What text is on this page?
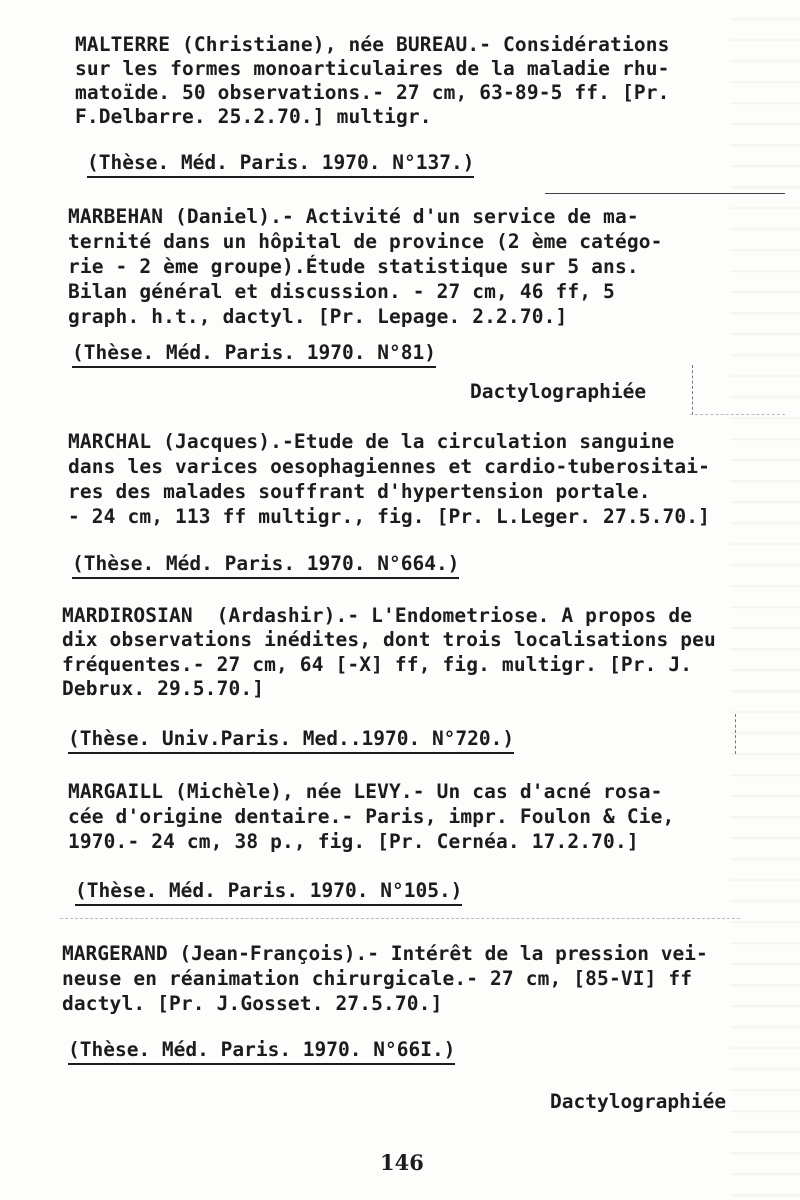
MALTERRE (Christiane), née BUREAU.- Considérations
sur les formes monoarticulaires de la maladie rhu-
matoïde. 50 observations.- 27 cm, 63-89-5 ff. [Pr.
F.Delbarre. 25.2.70.] multigr.
(Thèse. Méd. Paris. 1970. N°137.)
MARBEHAN (Daniel).- Activité d'un service de ma-
ternité dans un hôpital de province (2 ème catégo-
rie - 2 ème groupe).Étude statistique sur 5 ans.
Bilan général et discussion. - 27 cm, 46 ff, 5
graph. h.t., dactyl. [Pr. Lepage. 2.2.70.]
(Thèse. Méd. Paris. 1970. N°81)
Dactylographiée
MARCHAL (Jacques).-Etude de la circulation sanguine
dans les varices oesophagiennes et cardio-tuberositai-
res des malades souffrant d'hypertension portale.
- 24 cm, 113 ff multigr., fig. [Pr. L.Leger. 27.5.70.]
(Thèse. Méd. Paris. 1970. N°664.)
MARDIROSIAN  (Ardashir).- L'Endometriose. A propos de
dix observations inédites, dont trois localisations peu
fréquentes.- 27 cm, 64 [-X] ff, fig. multigr. [Pr. J.
Debrux. 29.5.70.]
(Thèse. Univ.Paris. Med..1970. N°720.)
MARGAILL (Michèle), née LEVY.- Un cas d'acné rosa-
cée d'origine dentaire.- Paris, impr. Foulon & Cie,
1970.- 24 cm, 38 p., fig. [Pr. Cernéa. 17.2.70.]
(Thèse. Méd. Paris. 1970. N°105.)
MARGERAND (Jean-François).- Intérêt de la pression vei-
neuse en réanimation chirurgicale.- 27 cm, [85-VI] ff
dactyl. [Pr. J.Gosset. 27.5.70.]
(Thèse. Méd. Paris. 1970. N°66I.)
Dactylographiée
146
